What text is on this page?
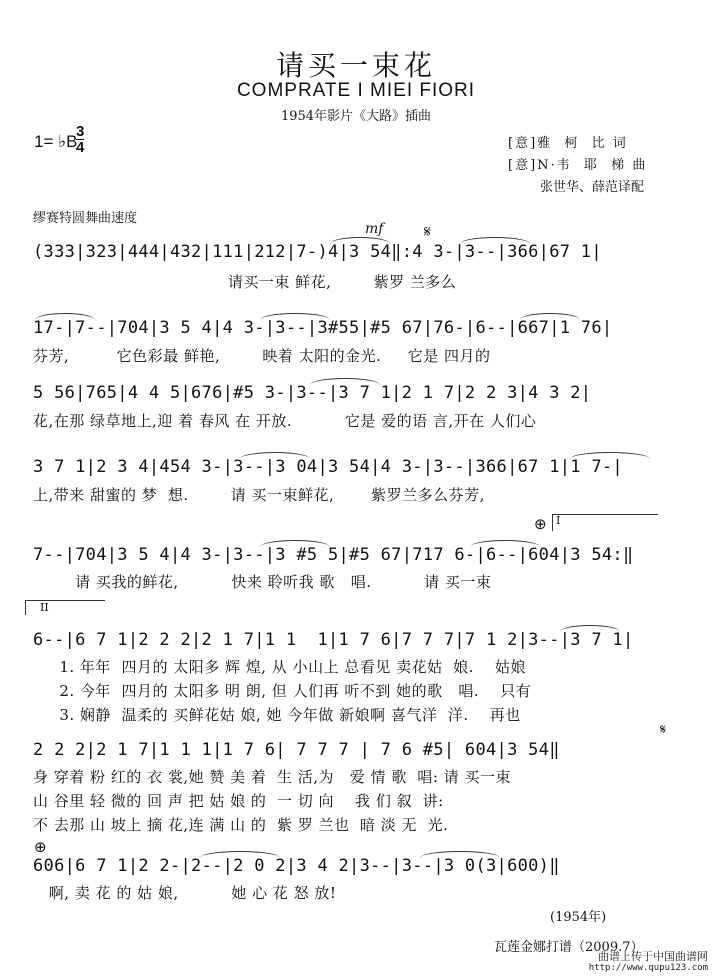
请买一束花
COMPRATE I MIEI FIORI
1954年影片《大路》插曲
1= ♭B
3
4	[意]雅  柯  比 词
[意]N·韦  耶  梯 曲
张世华、薛范译配
缪赛特圆舞曲速度
mf	𝄋
(333|323|444|432|111|212|7-)4|3 54‖:4 3-|3--|366|67 1|
请买一束 鲜花,        紫罗 兰多么
17-|7--|704|3 5 4|4 3-|3--|3#55|#5 67|76-|6--|667|1 76|
芬芳,         它色彩最 鲜艳,        映着 太阳的金光.     它是 四月的
5 56|765|4 4 5|676|#5 3-|3--|3 7 1|2 1 7|2 2 3|4 3 2|
花,在那 绿草地上,迎 着 春风 在 开放.          它是 爱的语 言,开在 人们心
3 7 1|2 3 4|454 3-|3--|3 04|3 54|4 3-|3--|366|67 1|1 7-|
上,带来 甜蜜的 梦  想.        请 买一束鲜花,       紫罗兰多么芬芳,
⊕ I
7--|704|3 5 4|4 3-|3--|3 #5 5|#5 67|717 6-|6--|604|3 54:‖
请 买我的鲜花,          快来 聆听我 歌   唱.          请 买一束
II
6--|6 7 1|2 2 2|2 1 7|1 1  1|1 7 6|7 7 7|7 1 2|3--|3 7 1|
1. 年年  四月的 太阳多 辉 煌, 从 小山上 总看见 卖花姑  娘.    姑娘
2. 今年  四月的 太阳多 明 朗, 但 人们再 听不到 她的歌   唱.    只有
3. 娴静  温柔的 买鲜花姑 娘, 她 今年做 新娘啊 喜气洋  洋.    再也
𝄋
2 2 2|2 1 7|1 1 1|1 7 6| 7 7 7 | 7 6 #5| 604|3 54‖
身 穿着 粉 红的 衣 裳,她 赞 美 着  生 活,为   爱 情 歌  唱: 请 买一束
山 谷里 轻 微的 回 声 把 姑 娘 的  一 切 向    我 们 叙  讲:
不 去那 山 坡上 摘 花,连 满 山 的  紫 罗 兰也  暗 淡 无  光.
⊕
606|6 7 1|2 2-|2--|2 0 2|3 4 2|3--|3--|3 0(3|600)‖
啊, 卖 花 的 姑 娘,          她 心 花 怒 放!
(1954年)
瓦莲金娜打谱（2009.7）
曲谱上传于中国曲谱网
http://www.qupu123.com
